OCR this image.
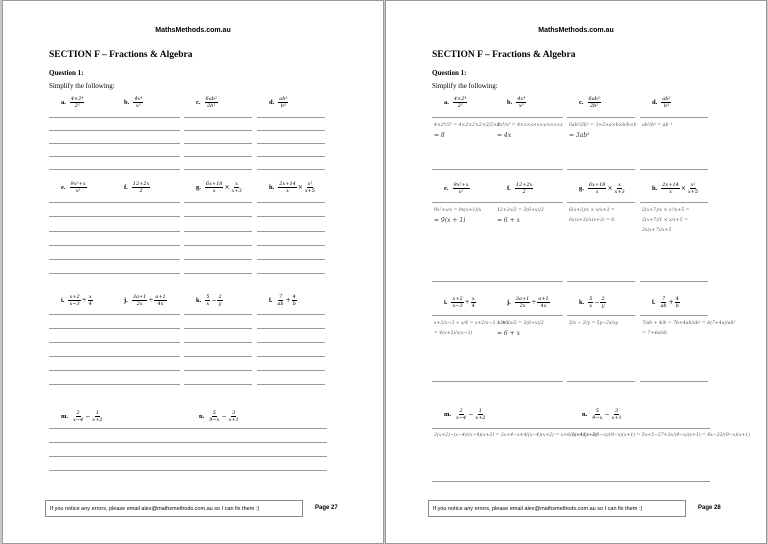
MathsMethods.com.au
SECTION F – Fractions & Algebra
Question 1:
Simplify the following:
a. $\frac{\text{4×2⁴}}{\text{2²}}$	b. $\frac{\text{4x⁴}}{\text{x³}}$	c. $\frac{\text{6ab²}}{\text{2b²}}$	d. $\frac{\text{ab²}}{\text{b³}}$
e. $\frac{\text{9x²+x}}{\text{x²}}$	f. $\frac{12+2x}{2}$	g. $\frac{6x+18}{x} \times \frac{x}{x+3}$	h. $\frac{2x+14}{x} \times \frac{\text{x²}}{x+5}$
i. $\frac{x+2}{x-3} \div \frac{x}{4}$	j. $\frac{3a+1}{2x} \div \frac{a+1}{4x}$	k. $\frac{5}{x} - \frac{2}{y}$	l. $\frac{7}{ab} + \frac{4}{b}$
m. $\frac{2}{x-4} - \frac{1}{x+2}$	n. $\frac{5}{9-x} - \frac{3}{x+1}$
If you notice any errors, please email alex@mathsmethods.com.au so I can fix them :)	Page 27
MathsMethods.com.au
SECTION F – Fractions & Algebra
Question 1:
Simplify the following:
a. $\frac{\text{4×2⁴}}{\text{2²}}$
4×2⁴/2² = 4×2×2×2×2/2×2
= 8
b. $\frac{\text{4x⁴}}{\text{x³}}$
4x⁴/x³ = 4×x×x×x×x/x×x×x
= 4x
c. $\frac{\text{6ab²}}{\text{2b²}}$
6ab²/2b² = 3×2×a×b×b/b×b
= 3ab²
d. $\frac{\text{ab²}}{\text{b³}}$
ab²/b³ = ab⁻¹
e. $\frac{\text{9x²+x}}{\text{x²}}$
9x²+x/x = 9x(x+1)/x
= 9(x + 1)
f. $\frac{12+2x}{2}$
12+2x/2 = 2(6+x)/2
= 6 + x
g. $\frac{6x+18}{x} \times \frac{x}{x+3}$
6(x+3)/x × x/x+3 =
6x(x+3)/x(x+3) = 6
h. $\frac{2x+14}{x} \times \frac{\text{x²}}{x+5}$
2(x+7)/x × x²/x+5 =
2(x+7)/1 × x/x+5 =
2x(x+7)/x+5
i. $\frac{x+2}{x-3} \div \frac{x}{4}$
x+2/x−3 ÷ x/4 = x+2/x−3 × 4/x
= 4(x+2)/x(x−3)
j. $\frac{3a+1}{2x} \div \frac{a+1}{4x}$
12+2x/2 = 2(6+x)/2
= 6 + x
k. $\frac{5}{x} - \frac{2}{y}$
5/x − 2/y = 5y−2x/xy
l. $\frac{7}{ab} + \frac{4}{b}$
7/ab + 4/b = 7b+4ab/ab² = b(7+4a)/ab²
= 7+4a/ab
m. $\frac{2}{x-4} - \frac{1}{x+2}$
2(x+2)−(x−4)/(x−4)(x+2) = 2x+4−x+4/(x−4)(x+2) = x+8/(x−4)(x+2)
n. $\frac{5}{9-x} - \frac{3}{x+1}$
5(x+1)−3(9−x)/(9−x)(x+1) = 5x+5−27+3x/(9−x)(x+1) = 8x−22/(9−x)(x+1)
If you notice any errors, please email alex@mathsmethods.com.au so I can fix them :)	Page 28
